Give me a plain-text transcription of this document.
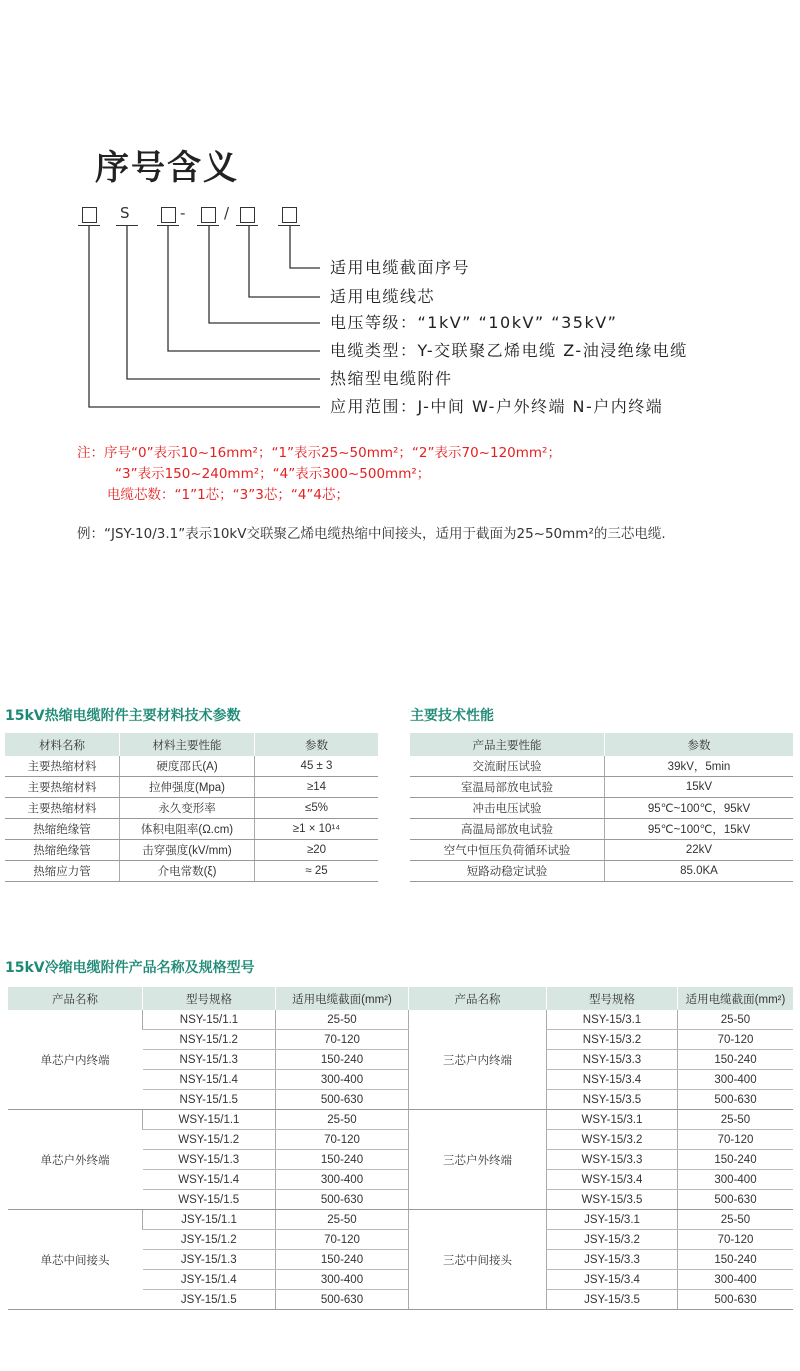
序号含义
S	-	/
适用电缆截面序号
适用电缆线芯
电压等级：“1kV” “10kV” “35kV”
电缆类型：Y-交联聚乙烯电缆 Z-油浸绝缘电缆
热缩型电缆附件
应用范围：J-中间 W-户外终端 N-户内终端
注：序号“0”表示10~16mm²；“1”表示25~50mm²；“2”表示70~120mm²；
“3”表示150~240mm²；“4”表示300~500mm²；
电缆芯数：“1”1芯；“3”3芯；“4”4芯；
例：“JSY-10/3.1”表示10kV交联聚乙烯电缆热缩中间接头，适用于截面为25~50mm²的三芯电缆.
15kV热缩电缆附件主要材料技术参数
材料名称	材料主要性能	参数
主要热缩材料	硬度邵氏(A)	45 ± 3
主要热缩材料	拉伸强度(Mpa)	≥14
主要热缩材料	永久变形率	≤5%
热缩绝缘管	体积电阻率(Ω.cm)	≥1 × 10¹⁴
热缩绝缘管	击穿强度(kV/mm)	≥20
热缩应力管	介电常数(ξ)	≈ 25
主要技术性能
产品主要性能	参数
交流耐压试验	39kV，5min
室温局部放电试验	15kV
冲击电压试验	95℃~100℃，95kV
高温局部放电试验	95℃~100℃，15kV
空气中恒压负荷循环试验	22kV
短路动稳定试验	85.0KA
15kV冷缩电缆附件产品名称及规格型号
产品名称	型号规格	适用电缆截面(mm²)	产品名称	型号规格	适用电缆截面(mm²)
单芯户内终端	NSY-15/1.1	25-50	三芯户内终端	NSY-15/3.1	25-50
	NSY-15/1.2	70-120		NSY-15/3.2	70-120
	NSY-15/1.3	150-240		NSY-15/3.3	150-240
	NSY-15/1.4	300-400		NSY-15/3.4	300-400
	NSY-15/1.5	500-630		NSY-15/3.5	500-630
单芯户外终端	WSY-15/1.1	25-50	三芯户外终端	WSY-15/3.1	25-50
	WSY-15/1.2	70-120		WSY-15/3.2	70-120
	WSY-15/1.3	150-240		WSY-15/3.3	150-240
	WSY-15/1.4	300-400		WSY-15/3.4	300-400
	WSY-15/1.5	500-630		WSY-15/3.5	500-630
单芯中间接头	JSY-15/1.1	25-50	三芯中间接头	JSY-15/3.1	25-50
	JSY-15/1.2	70-120		JSY-15/3.2	70-120
	JSY-15/1.3	150-240		JSY-15/3.3	150-240
	JSY-15/1.4	300-400		JSY-15/3.4	300-400
	JSY-15/1.5	500-630		JSY-15/3.5	500-630
